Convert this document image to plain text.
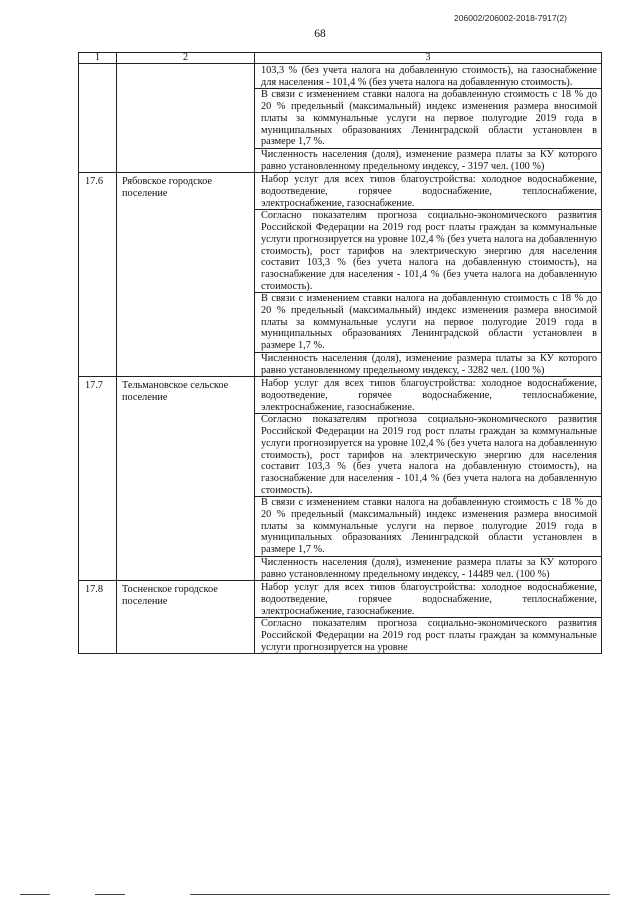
206002/206002-2018-7917(2)
68
1	2	3

		103,3 % (без учета налога на добавленную стоимость), на газоснабжение для населения - 101,4 % (без учета налога на добавленную стоимость).

В связи с изменением ставки налога на добавленную стоимость с 18 % до 20 % предельный (максимальный) индекс изменения размера вносимой платы за коммунальные услуги на первое полугодие 2019 года в муниципальных образованиях Ленинградской области установлен в размере 1,7 %.

Численность населения (доля), изменение размера платы за КУ которого равно установленному предельному индексу, - 3197 чел. (100 %)

17.6	Рябовское городское поселение	Набор услуг для всех типов благоустройства: холодное водоснабжение, водоотведение, горячее водоснабжение, теплоснабжение, электроснабжение, газоснабжение.

Согласно показателям прогноза социально-экономического развития Российской Федерации на 2019 год рост платы граждан за коммунальные услуги прогнозируется на уровне 102,4 % (без учета налога на добавленную стоимость), рост тарифов на электрическую энергию для населения составит 103,3 % (без учета налога на добавленную стоимость), на газоснабжение для населения - 101,4 % (без учета налога на добавленную стоимость).

В связи с изменением ставки налога на добавленную стоимость с 18 % до 20 % предельный (максимальный) индекс изменения размера вносимой платы за коммунальные услуги на первое полугодие 2019 года в муниципальных образованиях Ленинградской области установлен в размере 1,7 %.

Численность населения (доля), изменение размера платы за КУ которого равно установленному предельному индексу, - 3282 чел. (100 %)

17.7	Тельмановское сельское поселение	Набор услуг для всех типов благоустройства: холодное водоснабжение, водоотведение, горячее водоснабжение, теплоснабжение, электроснабжение, газоснабжение.

Согласно показателям прогноза социально-экономического развития Российской Федерации на 2019 год рост платы граждан за коммунальные услуги прогнозируется на уровне 102,4 % (без учета налога на добавленную стоимость), рост тарифов на электрическую энергию для населения составит 103,3 % (без учета налога на добавленную стоимость), на газоснабжение для населения - 101,4 % (без учета налога на добавленную стоимость).

В связи с изменением ставки налога на добавленную стоимость с 18 % до 20 % предельный (максимальный) индекс изменения размера вносимой платы за коммунальные услуги на первое полугодие 2019 года в муниципальных образованиях Ленинградской области установлен в размере 1,7 %.

Численность населения (доля), изменение размера платы за КУ которого равно установленному предельному индексу, - 14489 чел. (100 %)

17.8	Тосненское городское поселение	Набор услуг для всех типов благоустройства: холодное водоснабжение, водоотведение, горячее водоснабжение, теплоснабжение, электроснабжение, газоснабжение.

Согласно показателям прогноза социально-экономического развития Российской Федерации на 2019 год рост платы граждан за коммунальные услуги прогнозируется на уровне
